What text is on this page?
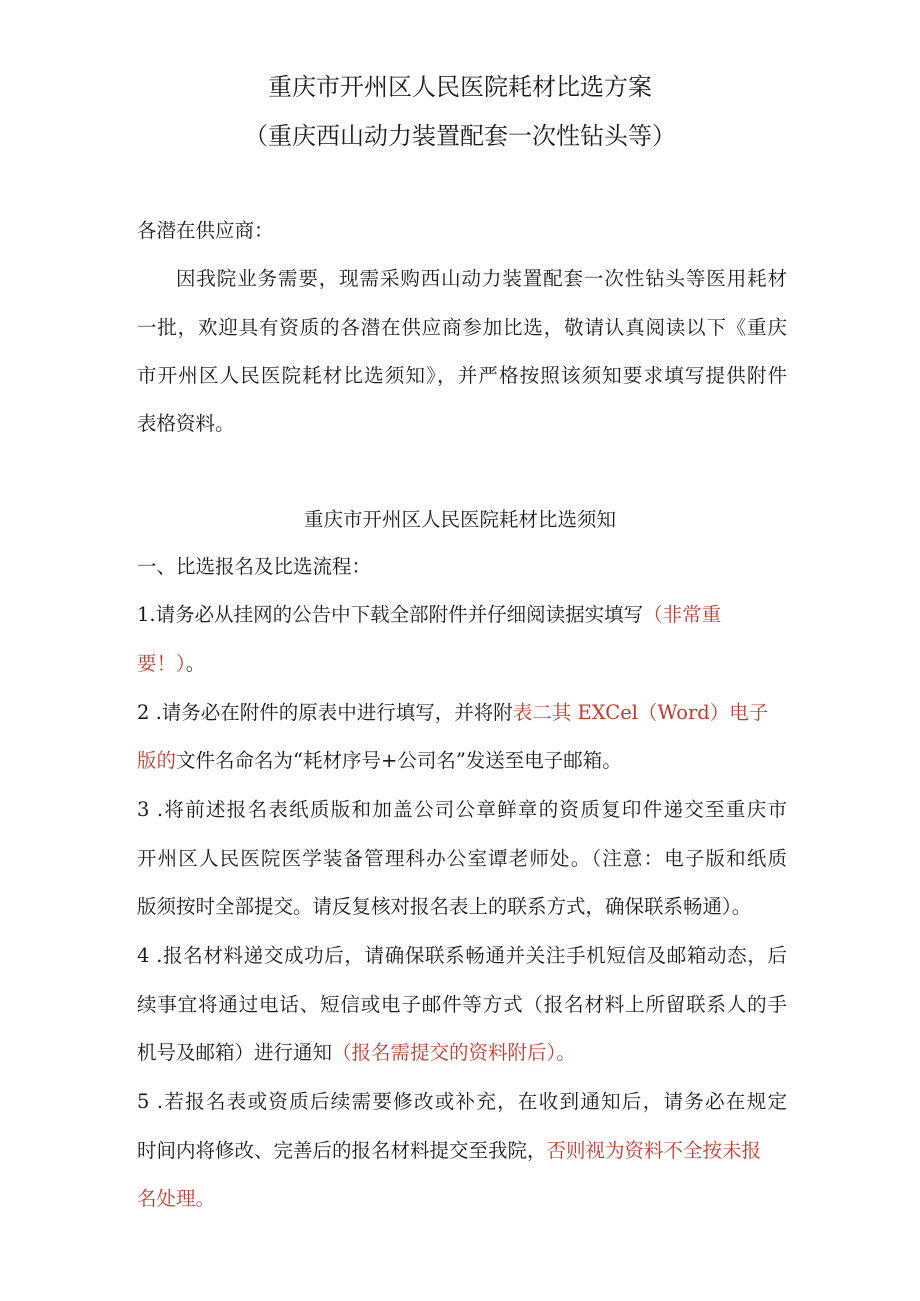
重庆市开州区人民医院耗材比选方案
（重庆西山动力装置配套一次性钻头等）
各潜在供应商：
因我院业务需要，现需采购西山动力装置配套一次性钻头等医用耗材
一批，欢迎具有资质的各潜在供应商参加比选，敬请认真阅读以下《重庆
市开州区人民医院耗材比选须知》，并严格按照该须知要求填写提供附件
表格资料。
重庆市开州区人民医院耗材比选须知
一、比选报名及比选流程：
1.请务必从挂网的公告中下载全部附件并仔细阅读据实填写（非常重
要！）。
2 .请务必在附件的原表中进行填写，并将附表二其 EXCel（Word）电子
版的文件名命名为“耗材序号+公司名”发送至电子邮箱。
3 .将前述报名表纸质版和加盖公司公章鲜章的资质复印件递交至重庆市
开州区人民医院医学装备管理科办公室谭老师处。（注意：电子版和纸质
版须按时全部提交。请反复核对报名表上的联系方式，确保联系畅通）。
4 .报名材料递交成功后，请确保联系畅通并关注手机短信及邮箱动态，后
续事宜将通过电话、短信或电子邮件等方式（报名材料上所留联系人的手
机号及邮箱）进行通知（报名需提交的资料附后）。
5 .若报名表或资质后续需要修改或补充，在收到通知后，请务必在规定
时间内将修改、完善后的报名材料提交至我院，否则视为资料不全按未报
名处理。
